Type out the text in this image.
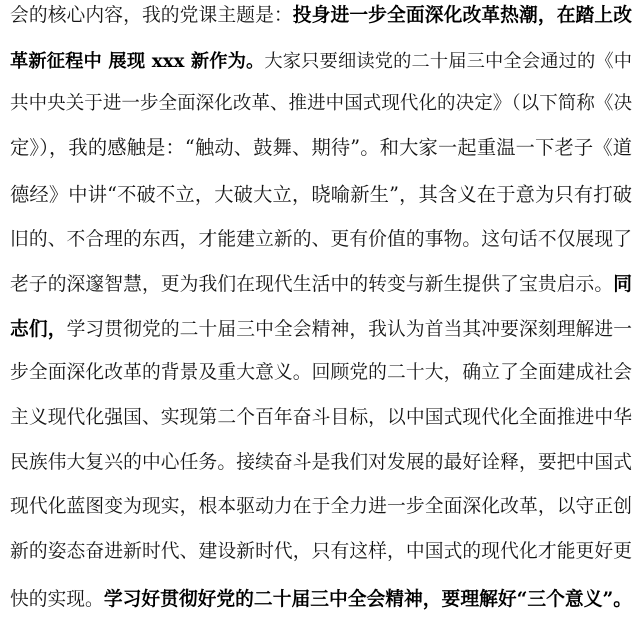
会的核心内容，我的党课主题是：投身进一步全面深化改革热潮，在踏上改
革新征程中 展现 xxx 新作为。大家只要细读党的二十届三中全会通过的《中
共中央关于进一步全面深化改革、推进中国式现代化的决定》（以下简称《决
定》），我的感触是：“触动、鼓舞、期待”。和大家一起重温一下老子《道
德经》中讲“不破不立，大破大立，晓喻新生”，其含义在于意为只有打破
旧的、不合理的东西，才能建立新的、更有价值的事物。这句话不仅展现了
老子的深邃智慧，更为我们在现代生活中的转变与新生提供了宝贵启示。同
志们，学习贯彻党的二十届三中全会精神，我认为首当其冲要深刻理解进一
步全面深化改革的背景及重大意义。回顾党的二十大，确立了全面建成社会
主义现代化强国、实现第二个百年奋斗目标，以中国式现代化全面推进中华
民族伟大复兴的中心任务。接续奋斗是我们对发展的最好诠释，要把中国式
现代化蓝图变为现实，根本驱动力在于全力进一步全面深化改革，以守正创
新的姿态奋进新时代、建设新时代，只有这样，中国式的现代化才能更好更
快的实现。学习好贯彻好党的二十届三中全会精神，要理解好“三个意义”。
